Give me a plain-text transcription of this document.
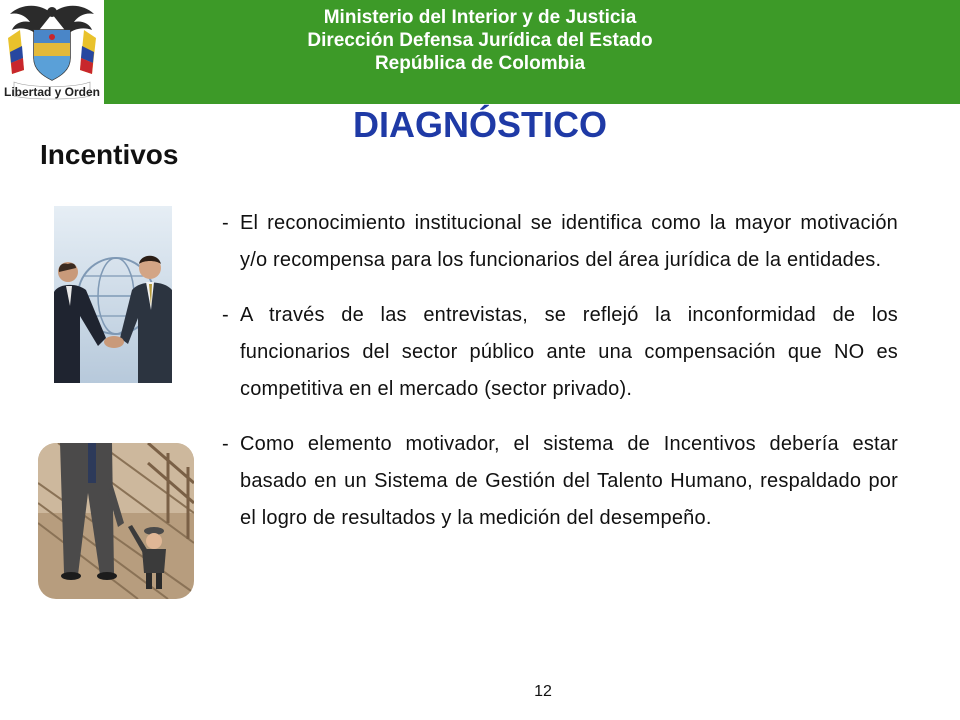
Libertad y Orden
Ministerio del Interior y de Justicia
Dirección Defensa Jurídica del Estado
República de Colombia
DIAGNÓSTICO
Incentivos
- El reconocimiento institucional se identifica como la mayor motivación y/o recompensa para los funcionarios del área jurídica de la entidades.
- A través de las entrevistas, se reflejó la inconformidad de los funcionarios del sector público ante una compensación que NO es competitiva en el mercado (sector privado).
- Como elemento motivador, el sistema de Incentivos debería estar basado en un Sistema de Gestión del Talento Humano, respaldado por el logro de resultados y la medición del desempeño.
12
